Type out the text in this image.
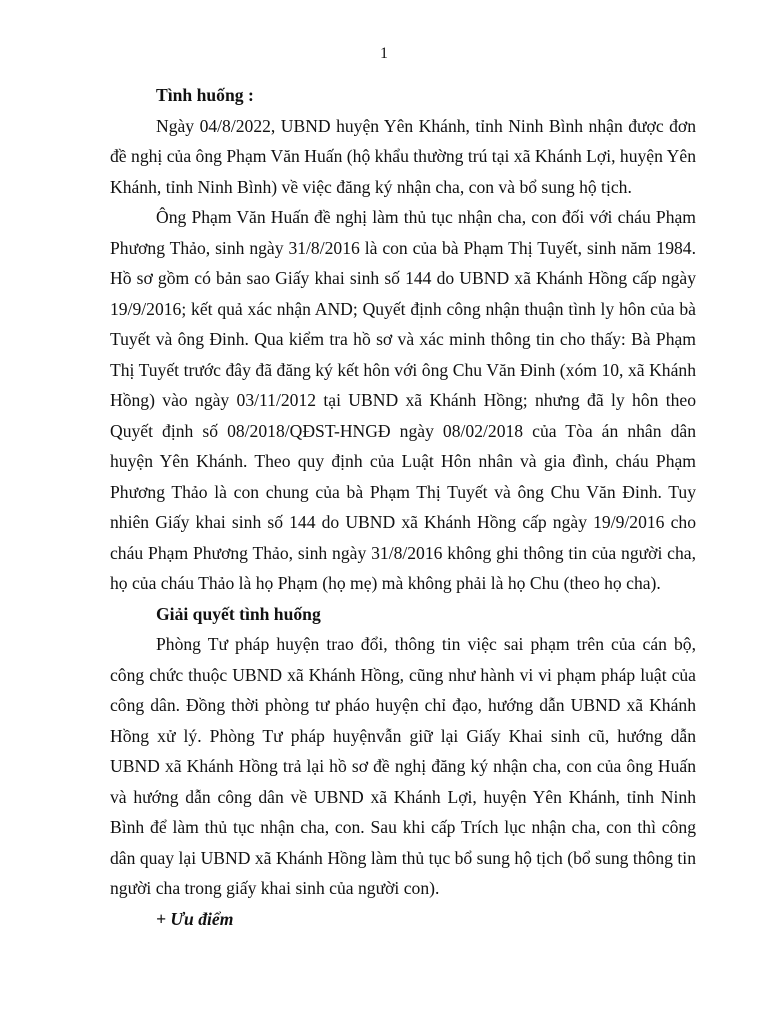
1

Tình huống :

Ngày 04/8/2022, UBND huyện Yên Khánh, tỉnh Ninh Bình nhận được đơn đề nghị của ông Phạm Văn Huấn (hộ khẩu thường trú tại xã Khánh Lợi, huyện Yên Khánh, tỉnh Ninh Bình) về việc đăng ký nhận cha, con và bổ sung hộ tịch.

Ông Phạm Văn Huấn đề nghị làm thủ tục nhận cha, con đối với cháu Phạm Phương Thảo, sinh ngày 31/8/2016 là con của bà Phạm Thị Tuyết, sinh năm 1984. Hồ sơ gồm có bản sao Giấy khai sinh số 144 do UBND xã Khánh Hồng cấp ngày 19/9/2016; kết quả xác nhận AND; Quyết định công nhận thuận tình ly hôn của bà Tuyết và ông Đinh. Qua kiểm tra hồ sơ và xác minh thông tin cho thấy: Bà Phạm Thị Tuyết trước đây đã đăng ký kết hôn với ông Chu Văn Đinh (xóm 10, xã Khánh Hồng) vào ngày 03/11/2012 tại UBND xã Khánh Hồng; nhưng đã ly hôn theo Quyết định số 08/2018/QĐST-HNGĐ ngày 08/02/2018 của Tòa án nhân dân huyện Yên Khánh. Theo quy định của Luật Hôn nhân và gia đình, cháu Phạm Phương Thảo là con chung của bà Phạm Thị Tuyết và ông Chu Văn Đinh. Tuy nhiên Giấy khai sinh số 144 do UBND xã Khánh Hồng cấp ngày 19/9/2016 cho cháu Phạm Phương Thảo, sinh ngày 31/8/2016 không ghi thông tin của người cha, họ của cháu Thảo là họ Phạm (họ mẹ) mà không phải là họ Chu (theo họ cha).

Giải quyết tình huống

Phòng Tư pháp huyện trao đổi, thông tin việc sai phạm trên của cán bộ, công chức thuộc UBND xã Khánh Hồng, cũng như hành vi vi phạm pháp luật của công dân. Đồng thời phòng tư pháo huyện chỉ đạo, hướng dẫn UBND xã Khánh Hồng xử lý. Phòng Tư pháp huyệnvẫn giữ lại Giấy Khai sinh cũ, hướng dẫn UBND xã Khánh Hồng trả lại hồ sơ đề nghị đăng ký nhận cha, con của ông Huấn và hướng dẫn công dân về UBND xã Khánh Lợi, huyện Yên Khánh, tỉnh Ninh Bình để làm thủ tục nhận cha, con. Sau khi cấp Trích lục nhận cha, con thì công dân quay lại UBND xã Khánh Hồng làm thủ tục bổ sung hộ tịch (bổ sung thông tin người cha trong giấy khai sinh của người con).

+ Ưu điểm
